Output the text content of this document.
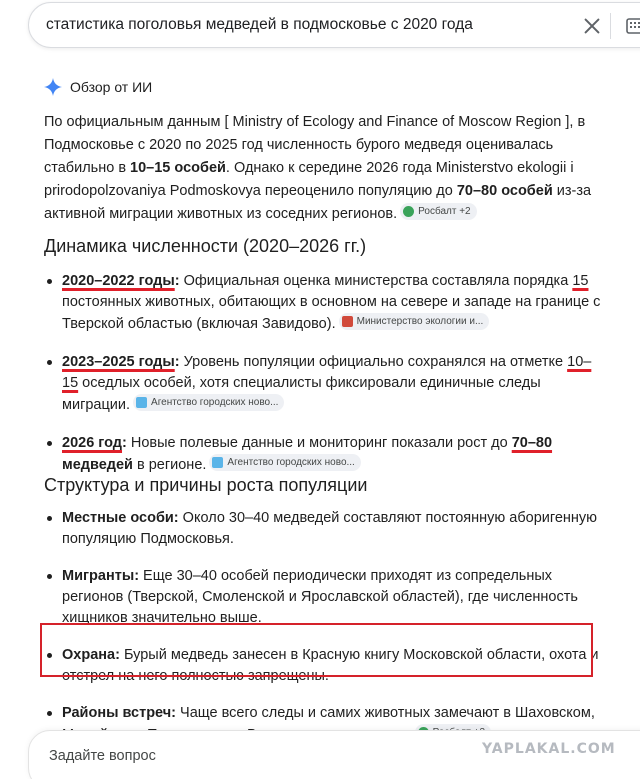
статистика поголовья медведей в подмосковье с 2020 года
Обзор от ИИ

По официальным данным [ Ministry of Ecology and Finance of Moscow Region ], в Подмосковье с 2020 по 2025 год численность бурого медведя оценивалась стабильно в 10–15 особей. Однако к середине 2026 года Ministerstvo ekologii i prirodopolzovaniya Podmoskovya переоценило популяцию до 70–80 особей из-за активной миграции животных из соседних регионов. Росбалт +2

Динамика численности (2020–2026 гг.)
2020–2022 годы: Официальная оценка министерства составляла порядка 15 постоянных животных, обитающих в основном на севере и западе на границе с Тверской областью (включая Завидово). Министерство экологии и...
2023–2025 годы: Уровень популяции официально сохранялся на отметке 10–15 оседлых особей, хотя специалисты фиксировали единичные следы миграции. Агентство городских ново...
2026 год: Новые полевые данные и мониторинг показали рост до 70–80 медведей в регионе. Агентство городских ново...
Структура и причины роста популяции
Местные особи: Около 30–40 медведей составляют постоянную аборигенную популяцию Подмосковья.
Мигранты: Еще 30–40 особей периодически приходят из сопредельных регионов (Тверской, Смоленской и Ярославской областей), где численность хищников значительно выше.
Охрана: Бурый медведь занесен в Красную книгу Московской области, охота и отстрел на него полностью запрещены.
Районы встреч: Чаще всего следы и самих животных замечают в Шаховском,
Задайте вопрос	YAPLAKAL.COM
